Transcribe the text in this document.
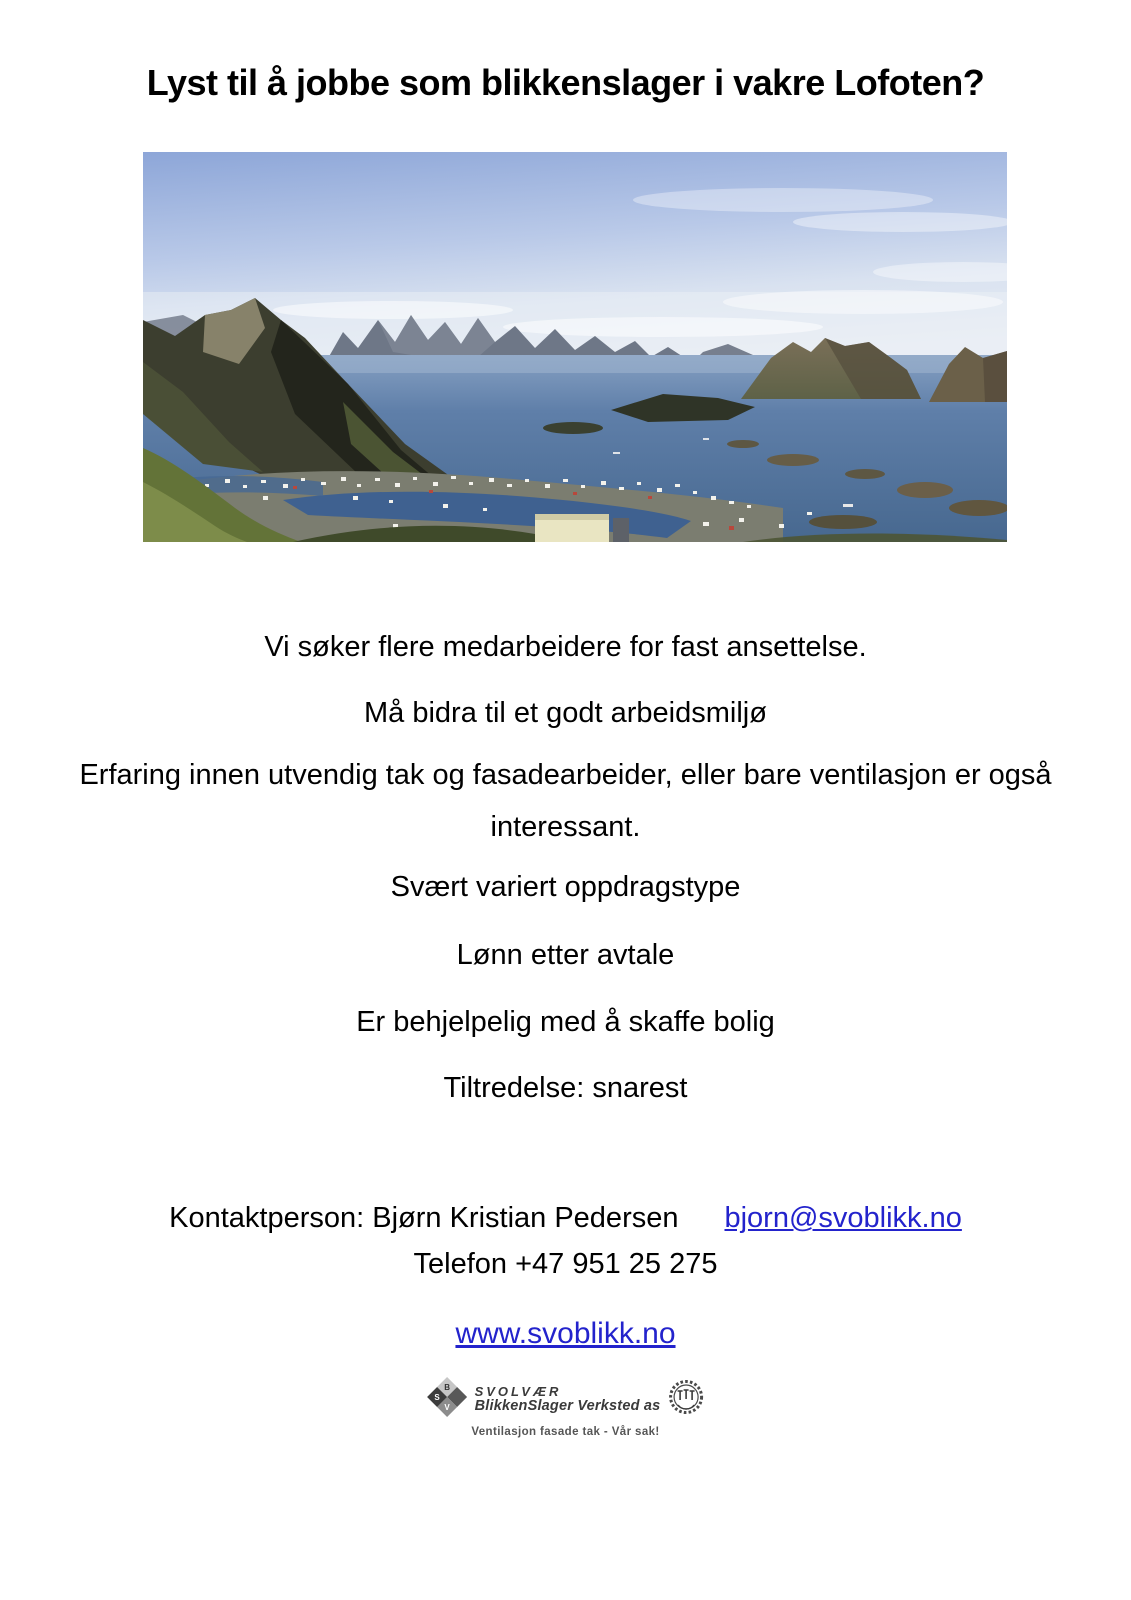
Lyst til å jobbe som blikkenslager i vakre Lofoten?
Vi søker flere medarbeidere for fast ansettelse.
Må bidra til et godt arbeidsmiljø
Erfaring innen utvendig tak og fasadearbeider, eller bare ventilasjon er også
interessant.
Svært variert oppdragstype
Lønn etter avtale
Er behjelpelig med å skaffe bolig
Tiltredelse: snarest
Kontaktperson: Bjørn Kristian Pedersen bjorn@svoblikk.no
Telefon +47 951 25 275
www.svoblikk.no
S
B
V
SVOLVÆR
BlikkenSlager Verksted as
Ventilasjon fasade tak - Vår sak!
